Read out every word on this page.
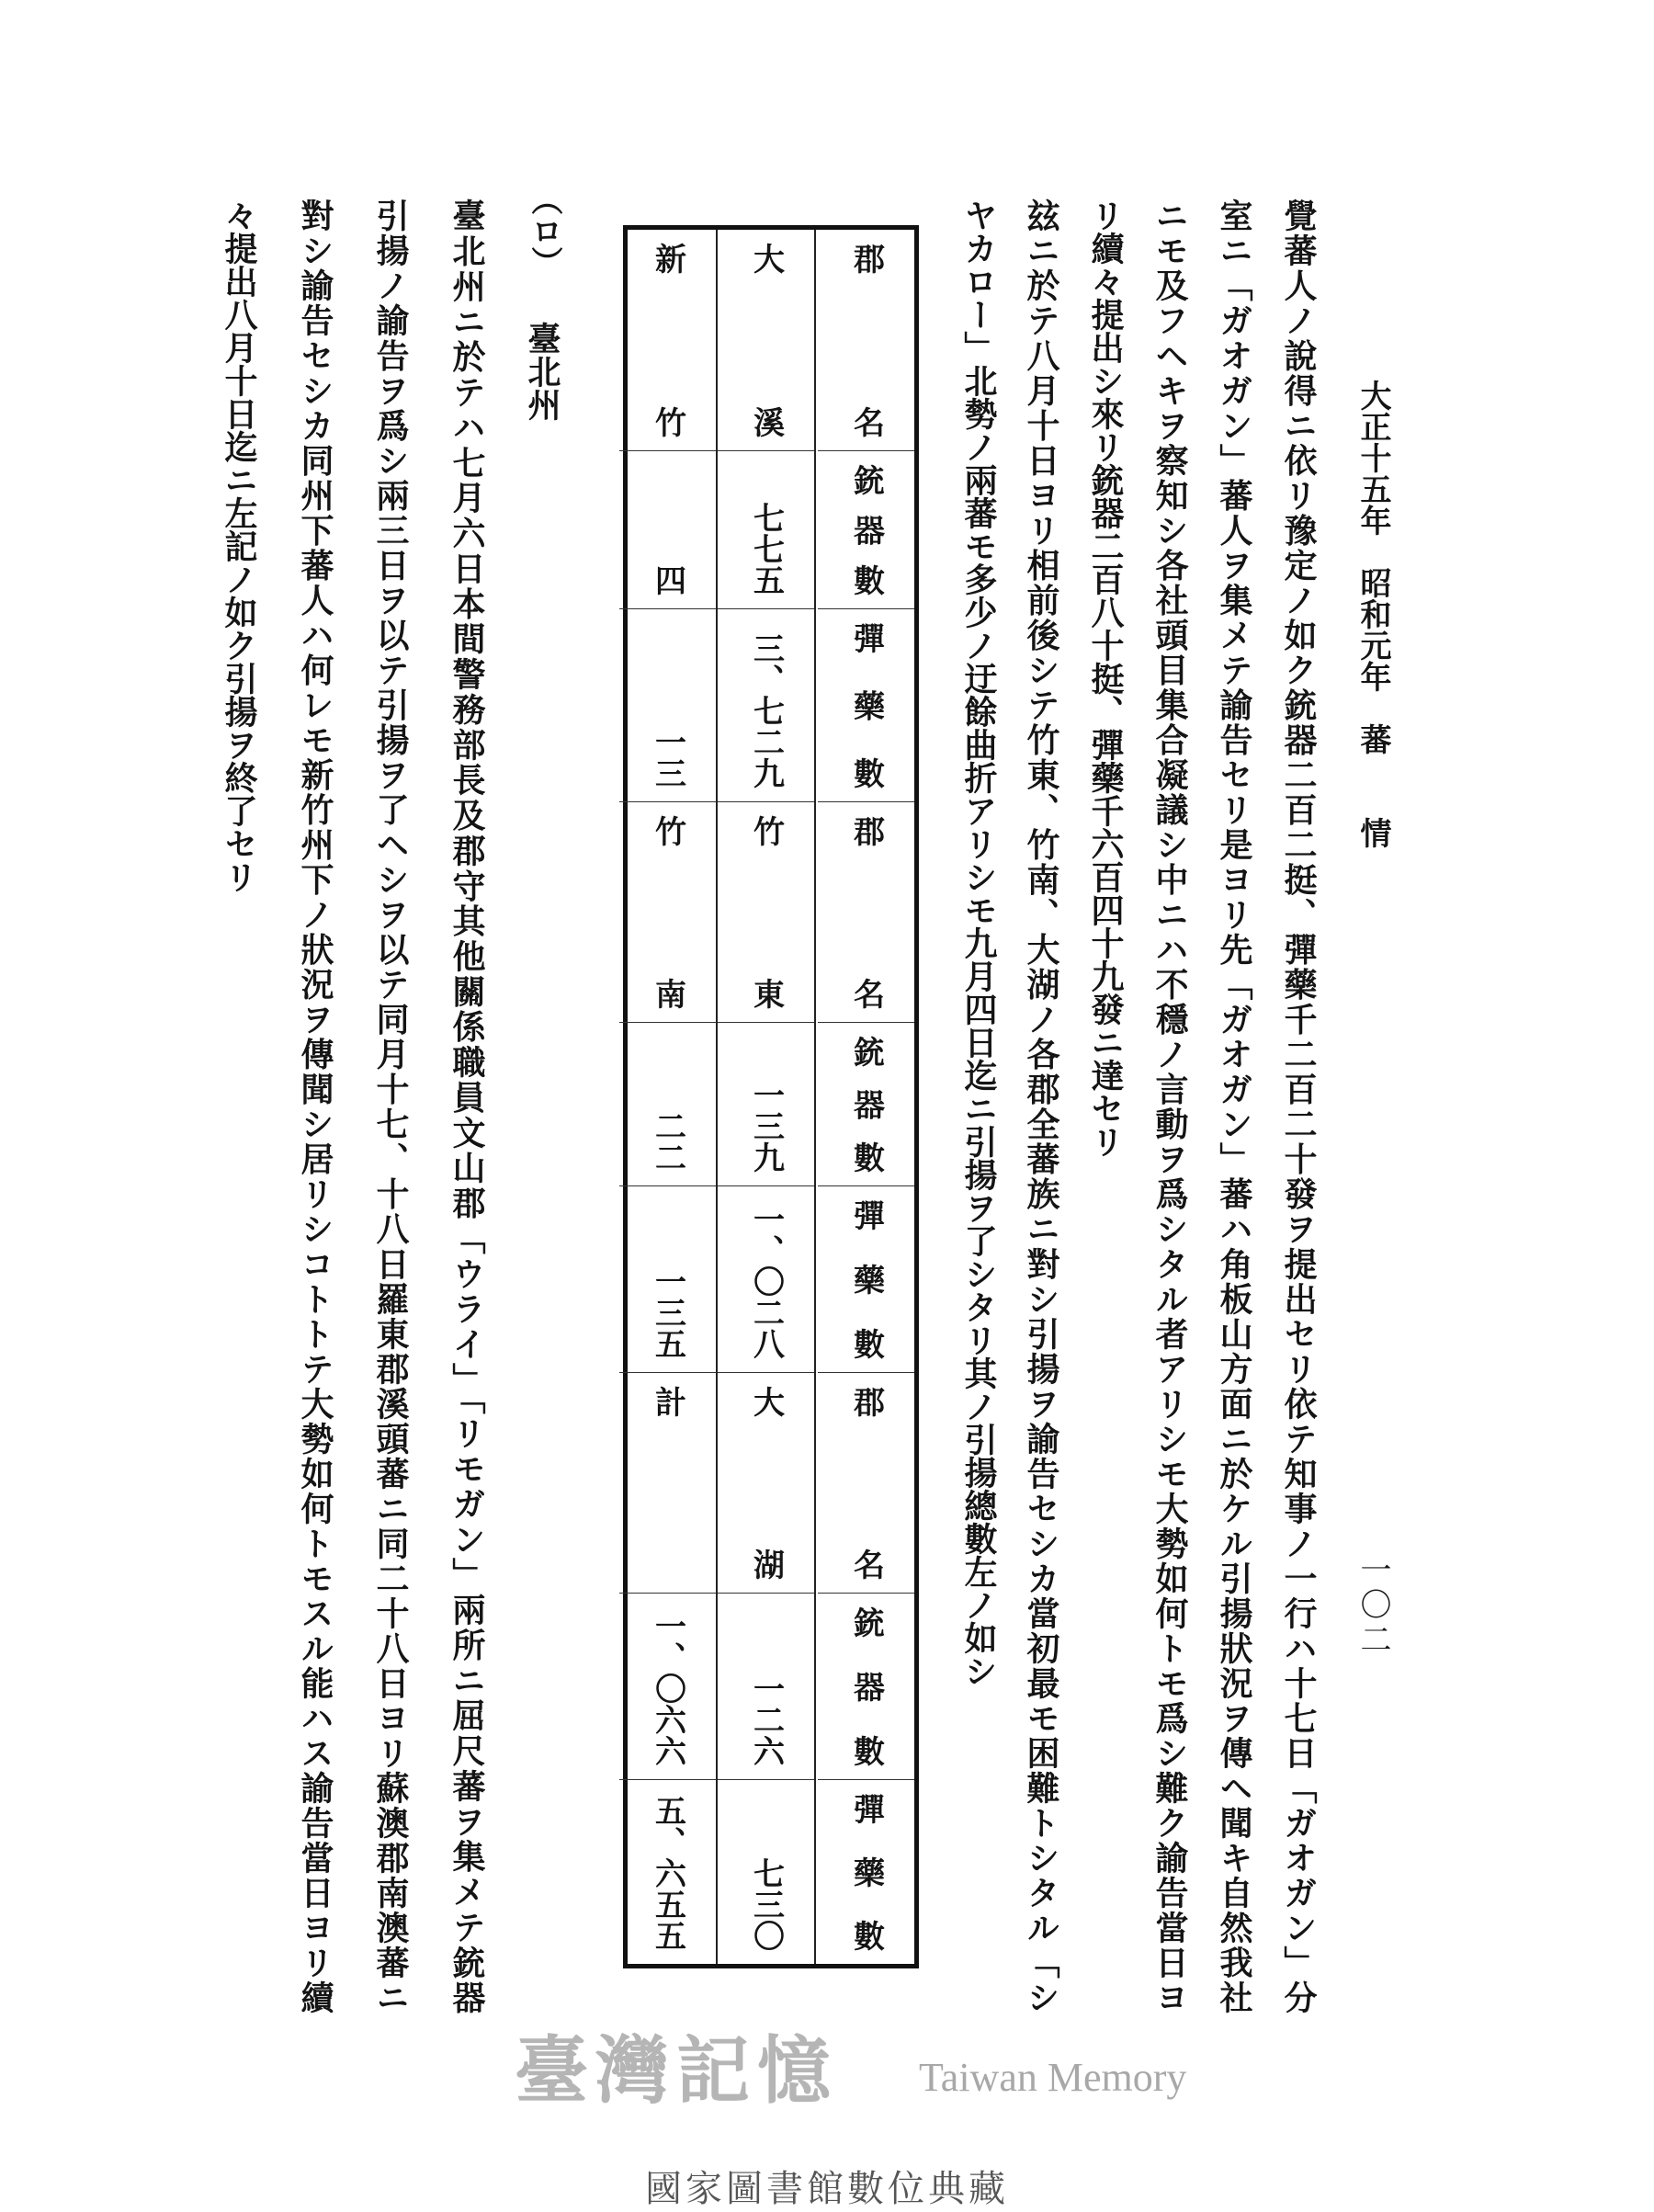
大正十五年　昭和元年　蕃　　情
一〇二
覺蕃人ノ說得ニ依リ豫定ノ如ク銃器二百二挺、彈藥千二百二十發ヲ提出セリ依テ知事ノ一行ハ十七日「ガオガン」分
室ニ「ガオガン」蕃人ヲ集メテ諭告セリ是ヨリ先「ガオガン」蕃ハ角板山方面ニ於ケル引揚狀況ヲ傳ヘ聞キ自然我社
ニモ及フヘキヲ察知シ各社頭目集合凝議シ中ニハ不穩ノ言動ヲ爲シタル者アリシモ大勢如何トモ爲シ難ク諭告當日ヨ
リ續々提出シ來リ銃器二百八十挺、彈藥千六百四十九發ニ達セリ
玆ニ於テ八月十日ヨリ相前後シテ竹東、竹南、大湖ノ各郡全蕃族ニ對シ引揚ヲ諭告セシカ當初最モ困難トシタル「シ
ヤカロー」北勢ノ兩蕃モ多少ノ迂餘曲折アリシモ九月四日迄ニ引揚ヲ了シタリ其ノ引揚總數左ノ如シ
郡名
銃器數
彈藥數
郡名
銃器數
彈藥數
郡名
銃器數
彈藥數
大溪
七七五
三、七二九
竹東
一三九
一、〇二八
大湖
一二六
七三〇
新竹
四
一三
竹南
二二
一三五
計
一、〇六六
五、六五五
（ロ）
臺北州
臺北州ニ於テハ七月六日本間警務部長及郡守其他關係職員文山郡「ウライ」「リモガン」兩所ニ屈尺蕃ヲ集メテ銃器
引揚ノ諭告ヲ爲シ兩三日ヲ以テ引揚ヲ了ヘシヲ以テ同月十七、十八日羅東郡溪頭蕃ニ同二十八日ヨリ蘇澳郡南澳蕃ニ
對シ諭告セシカ同州下蕃人ハ何レモ新竹州下ノ狀況ヲ傳聞シ居リシコトトテ大勢如何トモスル能ハス諭告當日ヨリ續
々提出八月十日迄ニ左記ノ如ク引揚ヲ終了セリ
臺灣記憶 Taiwan Memory
國家圖書館數位典藏
